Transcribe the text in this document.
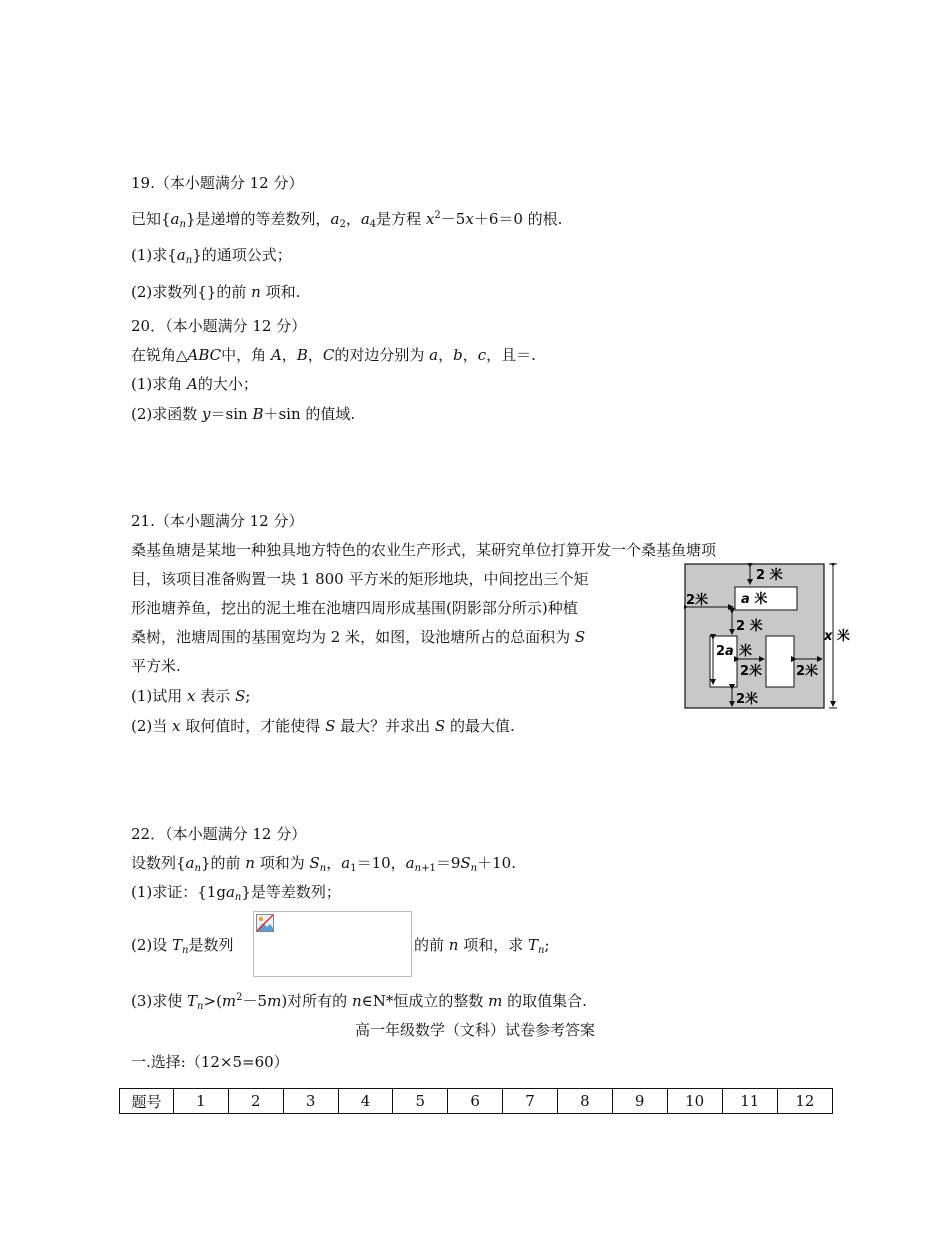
19.（本小题满分 12 分）
已知$\{a_n\}$是递增的等差数列，$a_2$，$a_4$是方程 $x^2-5x+6=0$ 的根.
(1)求$\{a_n\}$的通项公式；
(2)求数列{}的前 n 项和.
20．（本小题满分 12 分）
在锐角△ABC中，角 A，B，C的对边分别为 a，b，c，且＝.
(1)求角 A的大小；
(2)求函数 y＝sin B＋sin 的值域.
21.（本小题满分 12 分）
桑基鱼塘是某地一种独具地方特色的农业生产形式，某研究单位打算开发一个桑基鱼塘项
目，该项目准备购置一块 1 800 平方米的矩形地块，中间挖出三个矩
形池塘养鱼，挖出的泥土堆在池塘四周形成基围(阴影部分所示)种植
桑树，池塘周围的基围宽均为 2 米，如图，设池塘所占的总面积为 S
平方米.
(1)试用 x 表示 S;
(2)当 x 取何值时，才能使得 S 最大？并求出 S 的最大值.
2 米
2米	a 米
2 米
2a 米
2米	2米
2米
x 米
22．（本小题满分 12 分）
设数列$\{a_n\}$的前 n 项和为 $S_n$，$a_1=10$，$a_{n+1}=9S_n+10$.
(1)求证：$\{1ga_n\}$是等差数列；
(2)设 $T_n$是数列	的前 n 项和，求 $T_n$;
(3)求使 $T_n>(m^2-5m)$对所有的 n∈N*恒成立的整数 m 的取值集合.
高一年级数学（文科）试卷参考答案
一.选择:（12×5=60）
题号	1	2	3	4	5	6	7	8	9	10	11	12
